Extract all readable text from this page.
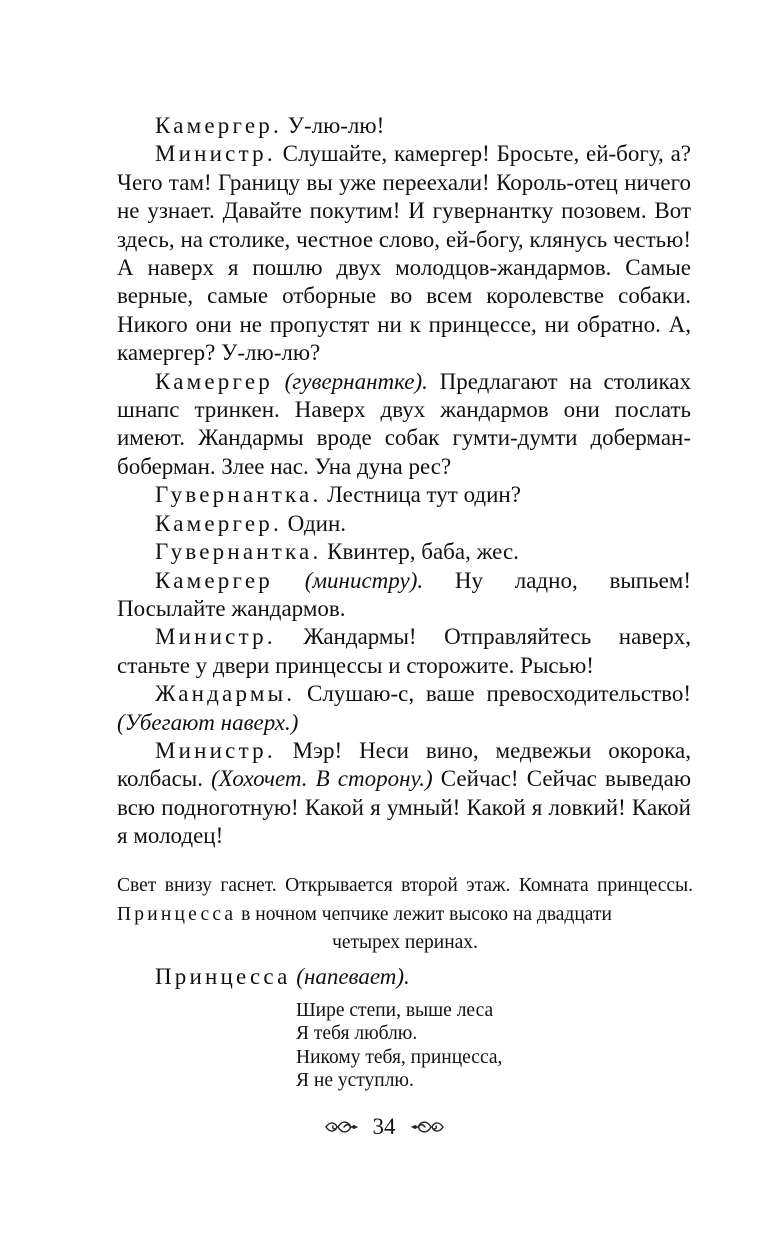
Камергер. У-лю-лю!

Министр. Слушайте, камергер! Бросьте, ей-богу, а? Чего там! Границу вы уже переехали! Король-отец ничего не узнает. Давайте покутим! И гувернантку позовем. Вот здесь, на столике, честное слово, ей-богу, клянусь честью! А наверх я пошлю двух молодцов-жандармов. Самые верные, самые отборные во всем королевстве собаки. Никого они не пропустят ни к принцессе, ни обратно. А, камергер? У-лю-лю?

Камергер (гувернантке). Предлагают на столиках шнапс тринкен. Наверх двух жандармов они послать имеют. Жандармы вроде собак гумти-думти доберман-боберман. Злее нас. Уна дуна рес?

Гувернантка. Лестница тут один?

Камергер. Один.

Гувернантка. Квинтер, баба, жес.

Камергер (министру). Ну ладно, выпьем! Посылайте жандармов.

Министр. Жандармы! Отправляйтесь наверх, станьте у двери принцессы и сторожите. Рысью!

Жандармы. Слушаю-с, ваше превосходительство! (Убегают наверх.)

Министр. Мэр! Неси вино, медвежьи окорока, колбасы. (Хохочет. В сторону.) Сейчас! Сейчас выведаю всю подноготную! Какой я умный! Какой я ловкий! Какой я молодец!

Свет внизу гаснет. Открывается второй этаж. Комната принцессы. Принцесса в ночном чепчике лежит высоко на двадцати
четырех перинах.
Принцесса (напевает).
Шире степи, выше леса
Я тебя люблю.
Никому тебя, принцесса,
Я не уступлю.
34
